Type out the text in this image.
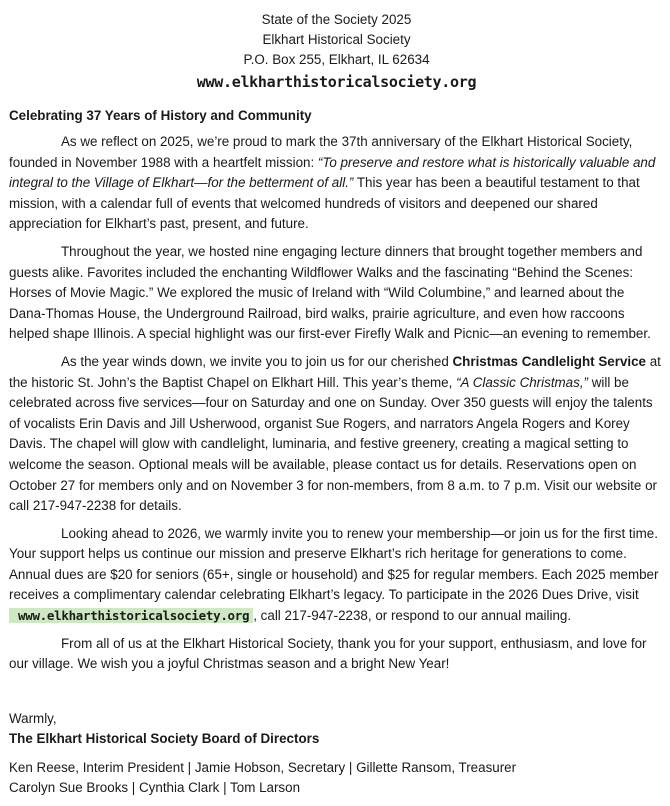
State of the Society 2025
Elkhart Historical Society
P.O. Box 255, Elkhart, IL 62634
www.elkharthistoricalsociety.org
Celebrating 37 Years of History and Community

As we reflect on 2025, we’re proud to mark the 37th anniversary of the Elkhart Historical Society, founded in November 1988 with a heartfelt mission: “To preserve and restore what is historically valuable and integral to the Village of Elkhart—for the betterment of all.” This year has been a beautiful testament to that mission, with a calendar full of events that welcomed hundreds of visitors and deepened our shared appreciation for Elkhart’s past, present, and future.

Throughout the year, we hosted nine engaging lecture dinners that brought together members and guests alike. Favorites included the enchanting Wildflower Walks and the fascinating “Behind the Scenes: Horses of Movie Magic.” We explored the music of Ireland with “Wild Columbine,” and learned about the Dana-Thomas House, the Underground Railroad, bird walks, prairie agriculture, and even how raccoons helped shape Illinois. A special highlight was our first-ever Firefly Walk and Picnic—an evening to remember.

As the year winds down, we invite you to join us for our cherished Christmas Candlelight Service at the historic St. John’s the Baptist Chapel on Elkhart Hill. This year’s theme, “A Classic Christmas,” will be celebrated across five services—four on Saturday and one on Sunday. Over 350 guests will enjoy the talents of vocalists Erin Davis and Jill Usherwood, organist Sue Rogers, and narrators Angela Rogers and Korey Davis. The chapel will glow with candlelight, luminaria, and festive greenery, creating a magical setting to welcome the season. Optional meals will be available, please contact us for details. Reservations open on October 27 for members only and on November 3 for non-members, from 8 a.m. to 7 p.m. Visit our website or call 217-947-2238 for details.

Looking ahead to 2026, we warmly invite you to renew your membership—or join us for the first time. Your support helps us continue our mission and preserve Elkhart’s rich heritage for generations to come. Annual dues are $20 for seniors (65+, single or household) and $25 for regular members. Each 2025 member receives a complimentary calendar celebrating Elkhart’s legacy. To participate in the 2026 Dues Drive, visit www.elkharthistoricalsociety.org , call 217-947-2238, or respond to our annual mailing.

From all of us at the Elkhart Historical Society, thank you for your support, enthusiasm, and love for our village. We wish you a joyful Christmas season and a bright New Year!

Warmly,
The Elkhart Historical Society Board of Directors
Ken Reese, Interim President | Jamie Hobson, Secretary | Gillette Ransom, Treasurer
Carolyn Sue Brooks | Cynthia Clark | Tom Larson
